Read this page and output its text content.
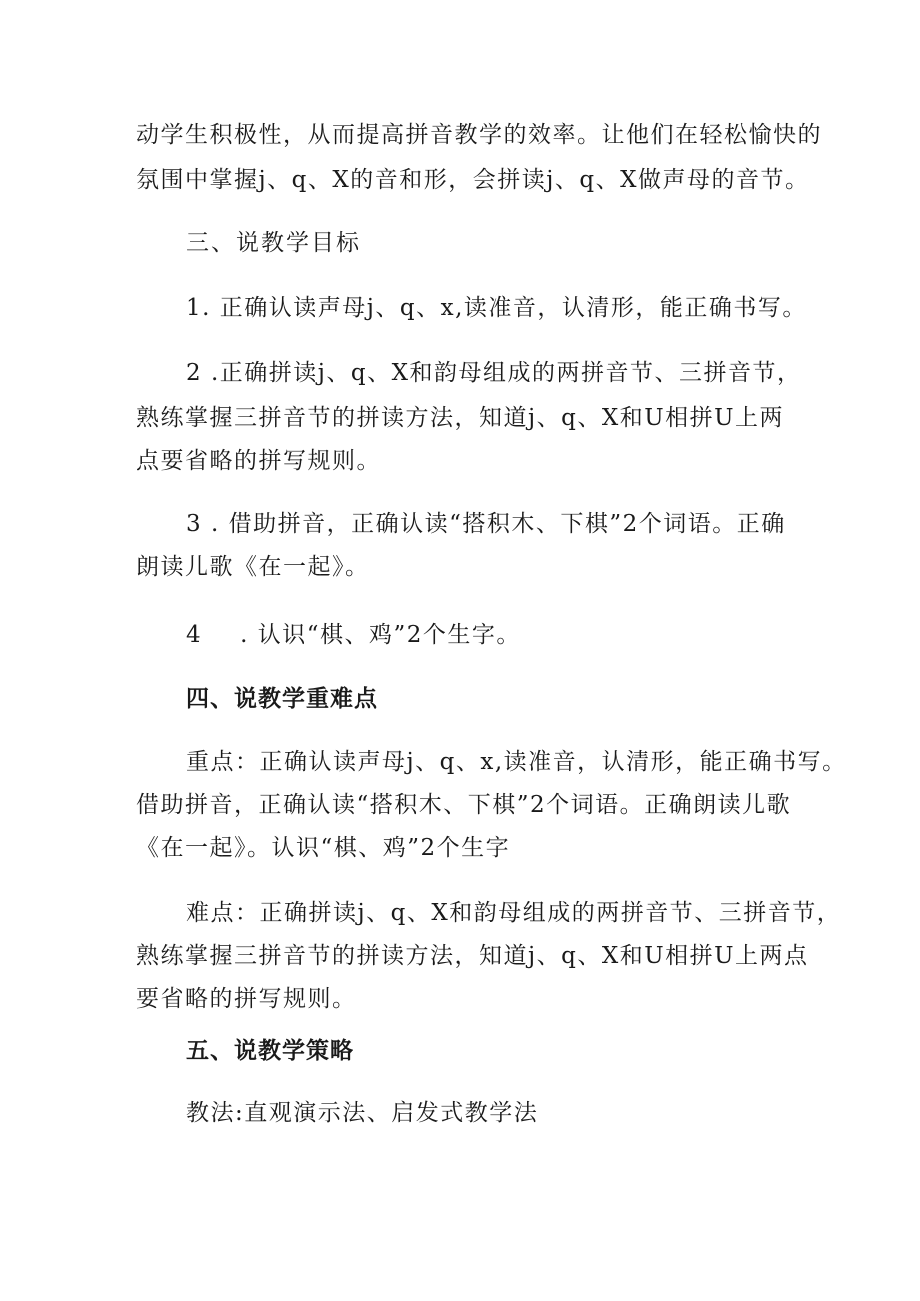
动学生积极性，从而提高拼音教学的效率。让他们在轻松愉快的
氛围中掌握j、q、X的音和形，会拼读j、q、X做声母的音节。
三、说教学目标
1. 正确认读声母j、q、x,读准音，认清形，能正确书写。
2 .正确拼读j、q、X和韵母组成的两拼音节、三拼音节，
熟练掌握三拼音节的拼读方法，知道j、q、X和U相拼U上两
点要省略的拼写规则。
3 . 借助拼音，正确认读“搭积木、下棋”2个词语。正确
朗读儿歌《在一起》。
4 . 认识“棋、鸡”2个生字。
四、说教学重难点
重点：正确认读声母j、q、x,读准音，认清形，能正确书写。
借助拼音，正确认读“搭积木、下棋”2个词语。正确朗读儿歌
《在一起》。认识“棋、鸡”2个生字
难点：正确拼读j、q、X和韵母组成的两拼音节、三拼音节，
熟练掌握三拼音节的拼读方法，知道j、q、X和U相拼U上两点
要省略的拼写规则。
五、说教学策略
教法:直观演示法、启发式教学法
